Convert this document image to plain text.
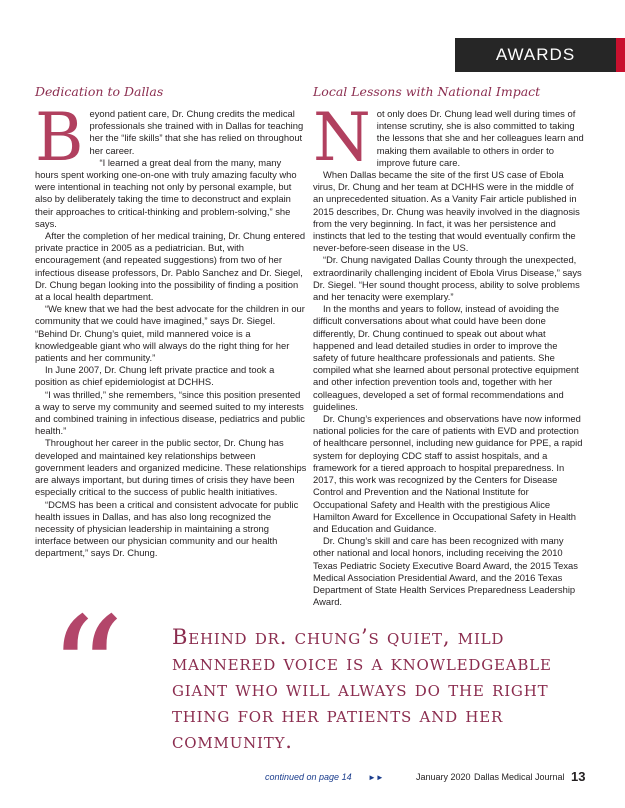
AWARDS
Dedication to Dallas

Beyond patient care, Dr. Chung credits the medical professionals she trained with in Dallas for teaching her the “life skills” that she has relied on throughout her career.

“I learned a great deal from the many, many hours spent working one-on-one with truly amazing faculty who were intentional in teaching not only by personal example, but also by deliberately taking the time to deconstruct and explain their approaches to critical-thinking and problem-solving,” she says.

After the completion of her medical training, Dr. Chung entered private practice in 2005 as a pediatrician. But, with encouragement (and repeated suggestions) from two of her infectious disease professors, Dr. Pablo Sanchez and Dr. Siegel, Dr. Chung began looking into the possibility of finding a position at a local health department.

“We knew that we had the best advocate for the children in our community that we could have imagined,” says Dr. Siegel. “Behind Dr. Chung’s quiet, mild mannered voice is a knowledgeable giant who will always do the right thing for her patients and her community.”

In June 2007, Dr. Chung left private practice and took a position as chief epidemiologist at DCHHS.

“I was thrilled,” she remembers, “since this position presented a way to serve my community and seemed suited to my interests and combined training in infectious disease, pediatrics and public health.”

Throughout her career in the public sector, Dr. Chung has developed and maintained key relationships between government leaders and organized medicine. These relationships are always important, but during times of crisis they have been especially critical to the success of public health initiatives.

“DCMS has been a critical and consistent advocate for public health issues in Dallas, and has also long recognized the necessity of physician leadership in maintaining a strong interface between our physician community and our health department,” says Dr. Chung.

Local Lessons with National Impact

Not only does Dr. Chung lead well during times of intense scrutiny, she is also committed to taking the lessons that she and her colleagues learn and making them available to others in order to improve future care.

When Dallas became the site of the first US case of Ebola virus, Dr. Chung and her team at DCHHS were in the middle of an unprecedented situation. As a Vanity Fair article published in 2015 describes, Dr. Chung was heavily involved in the diagnosis from the very beginning. In fact, it was her persistence and instincts that led to the testing that would eventually confirm the never-before-seen disease in the US.

“Dr. Chung navigated Dallas County through the unexpected, extraordinarily challenging incident of Ebola Virus Disease,” says Dr. Siegel. “Her sound thought process, ability to solve problems and her tenacity were exemplary.”

In the months and years to follow, instead of avoiding the difficult conversations about what could have been done differently, Dr. Chung continued to speak out about what happened and lead detailed studies in order to improve the safety of future healthcare professionals and patients. She compiled what she learned about personal protective equipment and other infection prevention tools and, together with her colleagues, developed a set of formal recommendations and guidelines.

Dr. Chung’s experiences and observations have now informed national policies for the care of patients with EVD and protection of healthcare personnel, including new guidance for PPE, a rapid system for deploying CDC staff to assist hospitals, and a framework for a tiered approach to hospital preparedness. In 2017, this work was recognized by the Centers for Disease Control and Prevention and the National Institute for Occupational Safety and Health with the prestigious Alice Hamilton Award for Excellence in Occupational Safety in Health and Education and Guidance.

Dr. Chung’s skill and care has been recognized with many other national and local honors, including receiving the 2010 Texas Pediatric Society Executive Board Award, the 2015 Texas Medical Association Presidential Award, and the 2016 Texas Department of State Health Services Preparedness Leadership Award.

“ Behind dr. chung’s quiet, mild mannered voice is a knowledgeable giant who will always do the right thing for her patients and her community.

continued on page 14 ►►	January 2020 Dallas Medical Journal 13
